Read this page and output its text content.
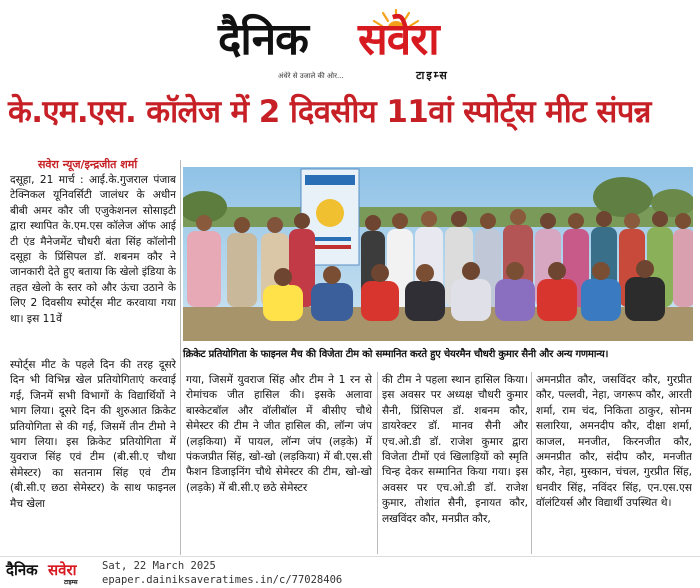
दैनिक सवेरा
अंधेरे से उजाले की ओर...	टाइम्स
के.एम.एस. कॉलेज में 2 दिवसीय 11वां स्पोर्ट्स मीट संपन्न
सवेरा न्यूज/इन्द्रजीत शर्मा
दसूहा, 21 मार्च : आई.के.गुजराल पंजाब टेक्निकल यूनिवर्सिटी जालंधर के अधीन बीबी अमर कौर जी एजुकेशनल सोसाइटी द्वारा स्थापित के.एम.एस कॉलेज ऑफ आई टी एंड मैनेजमेंट चौधरी बंता सिंह कॉलोनी दसूहा के प्रिंसिपल डॉ. शबनम कौर ने जानकारी देते हुए बताया कि खेलो इंडिया के तहत खेलो के स्तर को और ऊंचा उठाने के लिए 2 दिवसीय स्पोर्ट्स मीट करवाया गया था। इस 11वें
स्पोर्ट्स मीट के पहले दिन की तरह दूसरे दिन भी विभिन्न खेल प्रतियोगिताएं करवाई गई, जिनमें सभी विभागों के विद्यार्थियों ने भाग लिया। दूसरे दिन की शुरुआत क्रिकेट प्रतियोगिता से की गई, जिसमें तीन टीमो ने भाग लिया। इस क्रिकेट प्रतियोगिता में युवराज सिंह एवं टीम (बी.सी.ए चौथा सेमेस्टर) का सतनाम सिंह एवं टीम (बी.सी.ए छठा सेमेस्टर) के साथ फाइनल मैच खेला
क्रिकेट प्रतियोगिता के फाइनल मैच की विजेता टीम को सम्मानित करते हुए चेयरमैन चौधरी कुमार सैनी और अन्य गणमान्य।
गया, जिसमें युवराज सिंह और टीम ने 1 रन से रोमांचक जीत हासिल की। इसके अलावा बास्केटबॉल और वॉलीबॉल में बीसीए चौथे सेमेस्टर की टीम ने जीत हासिल की, लॉन्ग जंप (लड़किया) में पायल, लॉन्ग जंप (लड़के) में पंकजप्रीत सिंह, खो-खो (लड़किया) में बी.एस.सी फैशन डिजाइनिंग चौथे सेमेस्टर की टीम, खो-खो (लड़के) में बी.सी.ए छठे सेमेस्टर
की टीम ने पहला स्थान हासिल किया। इस अवसर पर अध्यक्ष चौधरी कुमार सैनी, प्रिंसिपल डॉ. शबनम कौर, डायरेक्टर डॉ. मानव सैनी और एच.ओ.डी डॉ. राजेश कुमार द्वारा विजेता टीमों एवं खिलाड़ियों को स्मृति चिन्ह देकर सम्मानित किया गया। इस अवसर पर एच.ओ.डी डॉ. राजेश कुमार, तोशांत सैनी, इनायत कौर, लखविंदर कौर, मनप्रीत कौर,
अमनप्रीत कौर, जसविंदर कौर, गुरप्रीत कौर, पल्लवी, नेहा, जगरूप कौर, आरती शर्मा, राम चंद, निकिता ठाकुर, सोनम सलारिया, अमनदीप कौर, दीक्षा शर्मा, काजल, मनजीत, किरनजीत कौर, अमनप्रीत कौर, संदीप कौर, मनजीत कौर, नेहा, मुस्कान, चंचल, गुरप्रीत सिंह, धनवीर सिंह, नविंदर सिंह, एन.एस.एस वॉलंटियर्स और विद्यार्थी उपस्थित थे।
दैनिक सवेरा
टाइम्स
Sat, 22 March 2025
epaper.dainiksaveratimes.in/c/77028406
